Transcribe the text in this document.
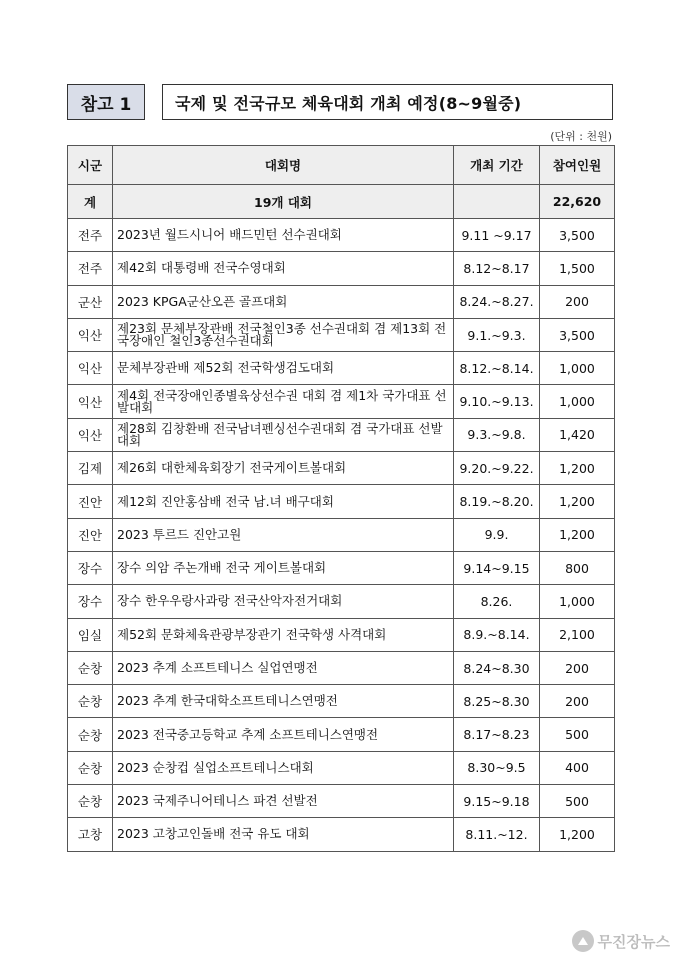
참고 1	국제 및 전국규모 체육대회 개최 예정(8~9월중)
(단위 : 천원)
시군	대회명	개최 기간	참여인원
계	19개 대회		22,620
전주	2023년 월드시니어 배드민턴 선수권대회	9.11 ~9.17	3,500
전주	제42회 대통령배 전국수영대회	8.12~8.17	1,500
군산	2023 KPGA군산오픈 골프대회	8.24.~8.27.	200
익산	제23회 문체부장관배 전국철인3종 선수권대회 겸 제13회 전국장애인 철인3종선수권대회	9.1.~9.3.	3,500
익산	문체부장관배 제52회 전국학생검도대회	8.12.~8.14.	1,000
익산	제4회 전국장애인종별육상선수권 대회 겸 제1차 국가대표 선발대회	9.10.~9.13.	1,000
익산	제28회 김창환배 전국남녀펜싱선수권대회 겸 국가대표 선발대회	9.3.~9.8.	1,420
김제	제26회 대한체육회장기 전국게이트볼대회	9.20.~9.22.	1,200
진안	제12회 진안홍삼배 전국 남.녀 배구대회	8.19.~8.20.	1,200
진안	2023 투르드 진안고원	9.9.	1,200
장수	장수 의암 주논개배 전국 게이트볼대회	9.14~9.15	800
장수	장수 한우우랑사과랑 전국산악자전거대회	8.26.	1,000
임실	제52회 문화체육관광부장관기 전국학생 사격대회	8.9.~8.14.	2,100
순창	2023 추계 소프트테니스 실업연맹전	8.24~8.30	200
순창	2023 추계 한국대학소프트테니스연맹전	8.25~8.30	200
순창	2023 전국중고등학교 추계 소프트테니스연맹전	8.17~8.23	500
순창	2023 순창컵 실업소프트테니스대회	8.30~9.5	400
순창	2023 국제주니어테니스 파견 선발전	9.15~9.18	500
고창	2023 고창고인돌배 전국 유도 대회	8.11.~12.	1,200
무진장뉴스
